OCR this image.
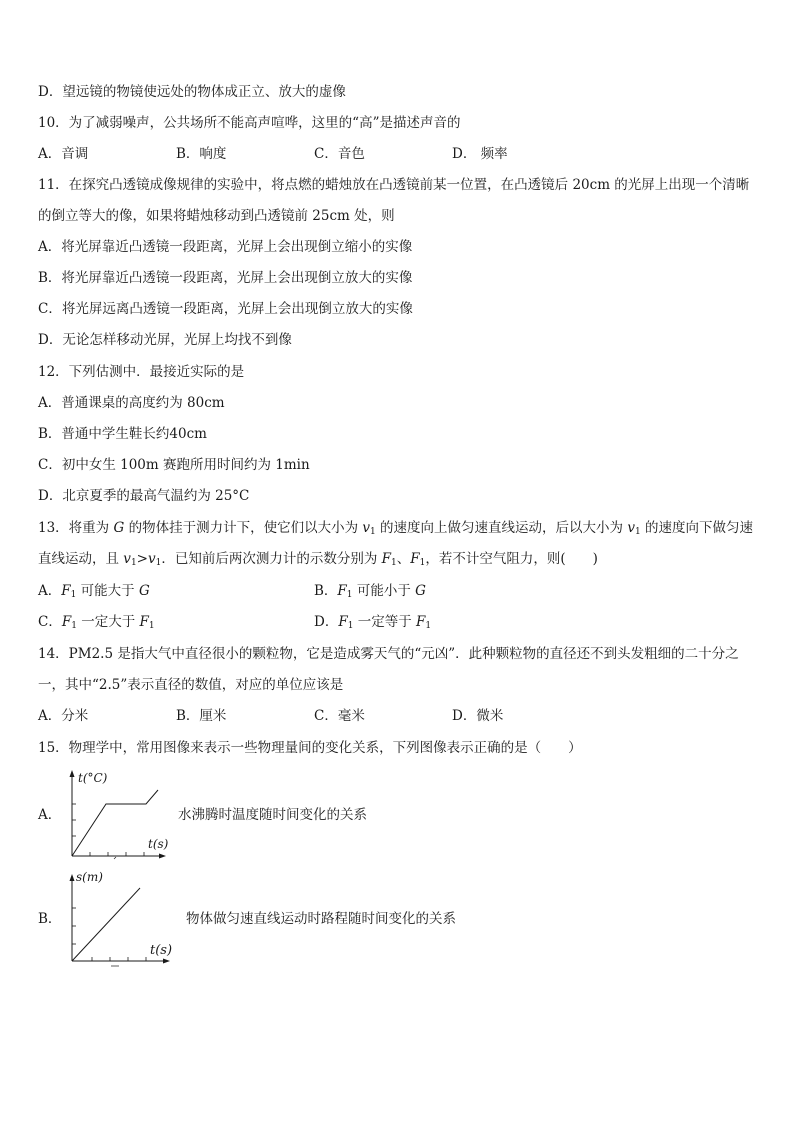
D．望远镜的物镜使远处的物体成正立、放大的虚像
10．为了减弱噪声，公共场所不能高声喧哗，这里的“高”是描述声音的
A．音调	B．响度	C．音色	D． 频率
11．在探究凸透镜成像规律的实验中，将点燃的蜡烛放在凸透镜前某一位置，在凸透镜后 20cm 的光屏上出现一个清晰
的倒立等大的像，如果将蜡烛移动到凸透镜前 25cm 处，则
A．将光屏靠近凸透镜一段距离，光屏上会出现倒立缩小的实像
B．将光屏靠近凸透镜一段距离，光屏上会出现倒立放大的实像
C．将光屏远离凸透镜一段距离，光屏上会出现倒立放大的实像
D．无论怎样移动光屏，光屏上均找不到像
12．下列估测中．最接近实际的是
A．普通课桌的高度约为 80cm
B．普通中学生鞋长约40cm
C．初中女生 100m 赛跑所用时间约为 1min
D．北京夏季的最高气温约为 25°C
13．将重为 G 的物体挂于测力计下，使它们以大小为 $v_1$ 的速度向上做匀速直线运动，后以大小为 $v_1$ 的速度向下做匀速
直线运动，且 $v_1>v_1$．已知前后两次测力计的示数分别为 $F_1$、$F_1$，若不计空气阻力，则(　　)
A．$F_1$ 可能大于 G	B．$F_1$ 可能小于 G
C．$F_1$ 一定大于 $F_1$	D．$F_1$ 一定等于 $F_1$
14．PM2.5 是指大气中直径很小的颗粒物，它是造成雾天气的“元凶”．此种颗粒物的直径还不到头发粗细的二十分之
一，其中“2.5”表示直径的数值，对应的单位应该是
A．分米	B．厘米	C．毫米	D．微米
15．物理学中，常用图像来表示一些物理量间的变化关系，下列图像表示正确的是（　　）
A．
t(°C)
t(s)
水沸腾时温度随时间变化的关系
B．
s(m)
t(s)
物体做匀速直线运动时路程随时间变化的关系
